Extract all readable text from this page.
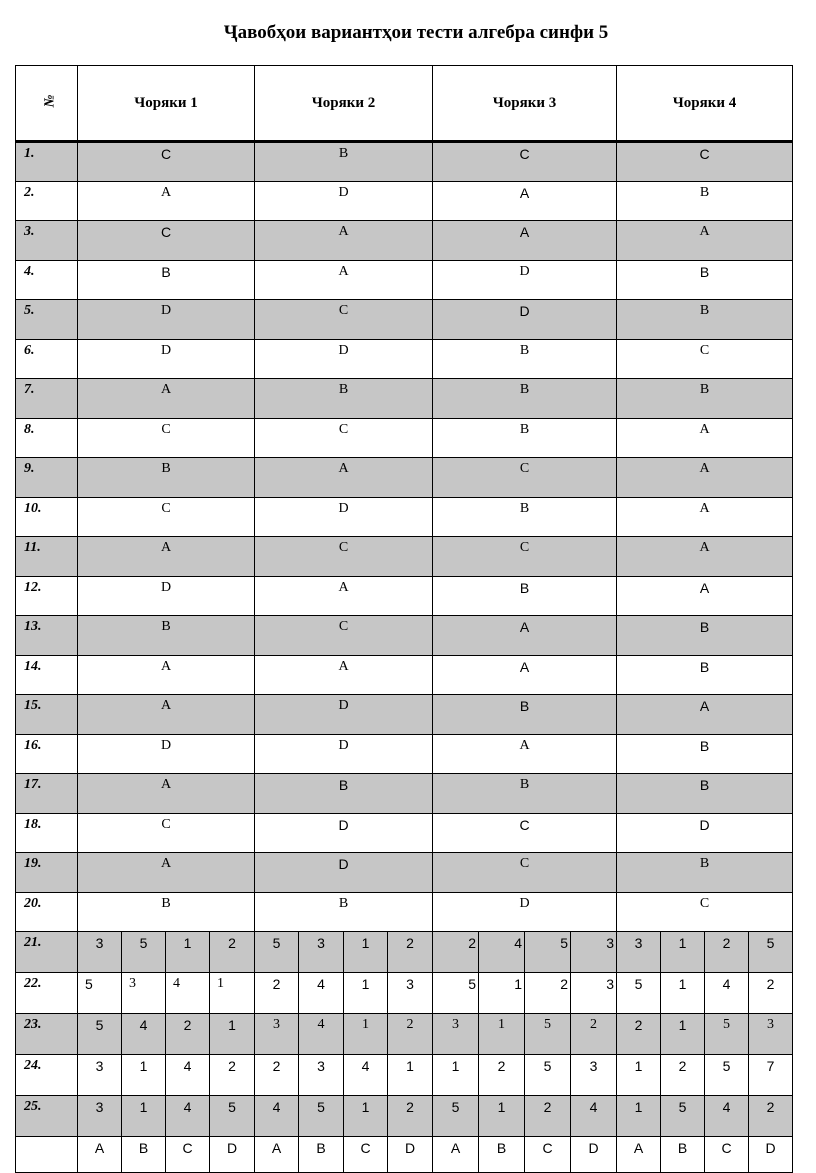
Ҷавобҳои вариантҳои тести алгебра синфи 5
№	Чоряки 1				Чоряки 2				Чоряки 3				Чоряки 4			
1.	C				B				C				C			
2.	A				D				A				B			
3.	C				A				A				A			
4.	B				A				D				B			
5.	D				C				D				B			
6.	D				D				B				C			
7.	A				B				B				B			
8.	C				C				B				A			
9.	B				A				C				A			
10.	C				D				B				A			
11.	A				C				C				A			
12.	D				A				B				A			
13.	B				C				A				B			
14.	A				A				A				B			
15.	A				D				B				A			
16.	D				D				A				B			
17.	A				B				B				B			
18.	C				D				C				D			
19.	A				D				C				B			
20.	B				B				D				C			
21.	3	5	1	2	5	3	1	2	2	4	5	3	3	1	2	5
22.	5	3	4	1	2	4	1	3	5	1	2	3	5	1	4	2
23.	5	4	2	1	3	4	1	2	3	1	5	2	2	1	5	3
24.	3	1	4	2	2	3	4	1	1	2	5	3	1	2	5	7
25.	3	1	4	5	4	5	1	2	5	1	2	4	1	5	4	2
	A	B	C	D	A	B	C	D	A	B	C	D	A	B	C	D
